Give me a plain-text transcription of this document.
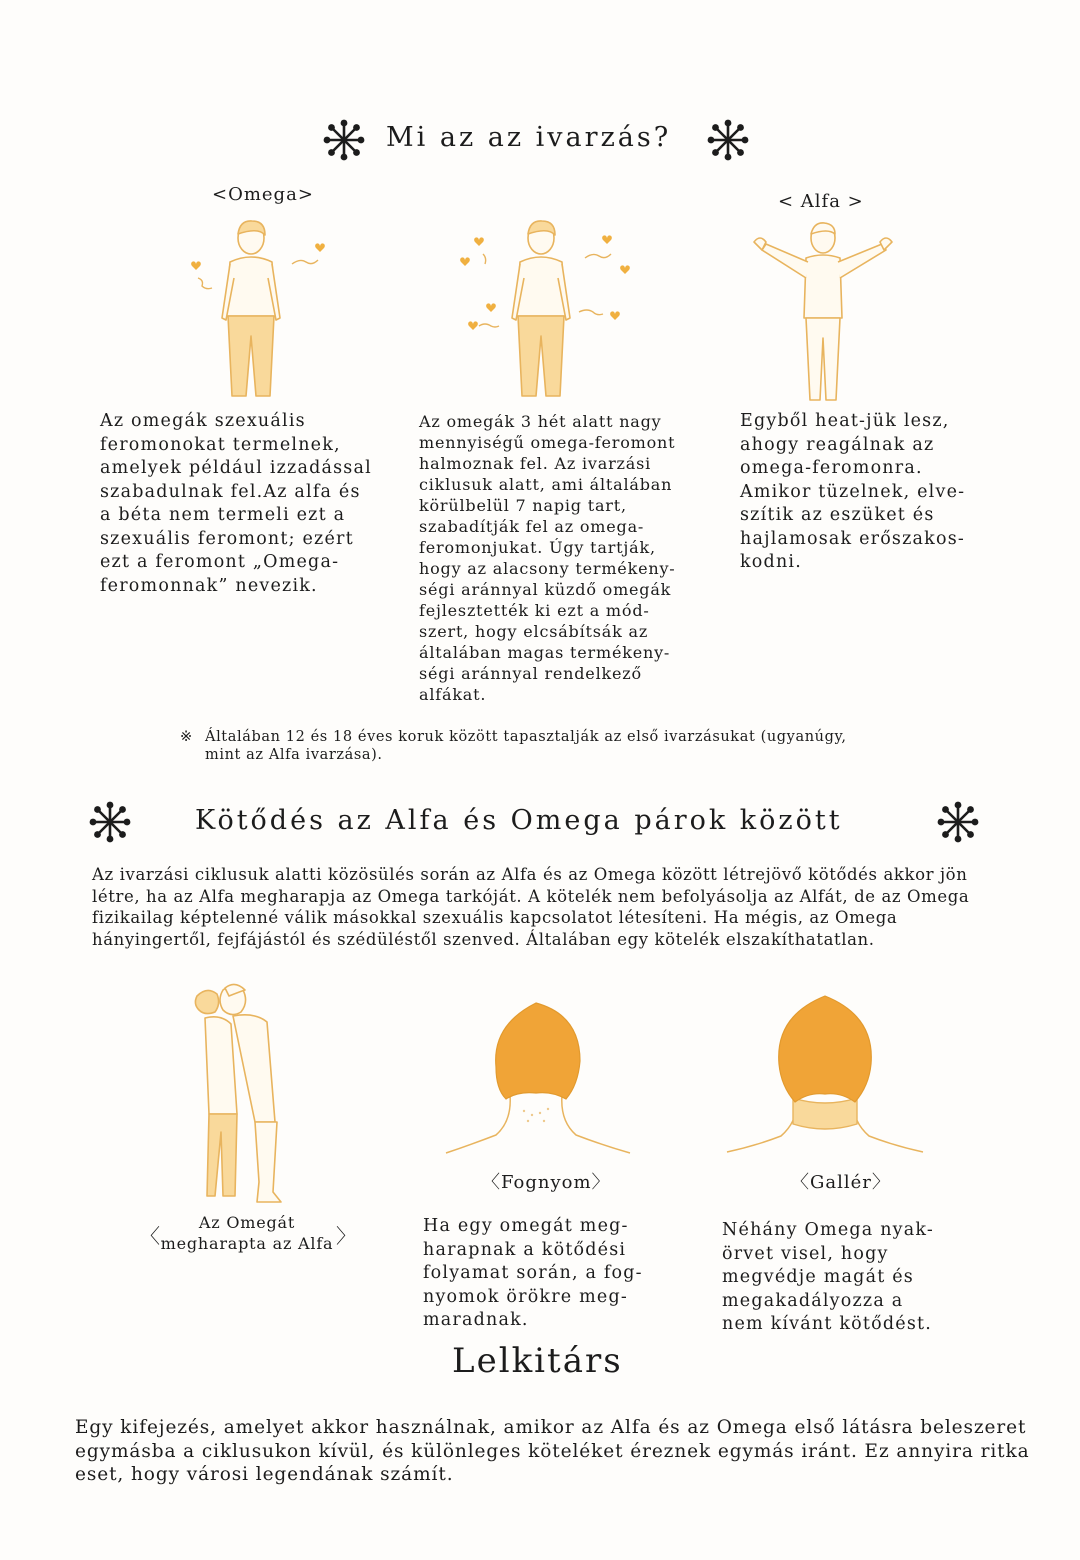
Mi az az ivarzás?
<Omega>	< Alfa >
Az omegák szexuális
feromonokat termelnek,
amelyek például izzadással
szabadulnak fel.Az alfa és
a béta nem termeli ezt a
szexuális feromont; ezért
ezt a feromont „Omega-
feromonnak” nevezik.
Az omegák 3 hét alatt nagy
mennyiségű omega-feromont
halmoznak fel. Az ivarzási
ciklusuk alatt, ami általában
körülbelül 7 napig tart,
szabadítják fel az omega-
feromonjukat. Úgy tartják,
hogy az alacsony termékeny-
ségi aránnyal küzdő omegák
fejlesztették ki ezt a mód-
szert, hogy elcsábítsák az
általában magas termékeny-
ségi aránnyal rendelkező
alfákat.
Egyből heat-jük lesz,
ahogy reagálnak az
omega-feromonra.
Amikor tüzelnek, elve-
szítik az eszüket és
hajlamosak erőszakos-
kodni.
※ Általában 12 és 18 éves koruk között tapasztalják az első ivarzásukat (ugyanúgy,
mint az Alfa ivarzása).
Kötődés az Alfa és Omega párok között
Az ivarzási ciklusuk alatti közösülés során az Alfa és az Omega között létrejövő kötődés akkor jön létre, ha az Alfa megharapja az Omega tarkóját. A kötelék nem befolyásolja az Alfát, de az Omega fizikailag képtelenné válik másokkal szexuális kapcsolatot létesíteni. Ha mégis, az Omega hányingertől, fejfájástól és szédüléstől szenved. Általában egy kötelék elszakíthatatlan.
〈
Az Omegát
megharapta az Alfa 〉
〈Fognyom〉	〈Gallér〉
Ha egy omegát meg-
harapnak a kötődési
folyamat során, a fog-
nyomok örökre meg-
maradnak.
Néhány Omega nyak-
örvet visel, hogy
megvédje magát és
megakadályozza a
nem kívánt kötődést.
Lelkitárs
Egy kifejezés, amelyet akkor használnak, amikor az Alfa és az Omega első látásra beleszeret egymásba a ciklusukon kívül, és különleges köteléket éreznek egymás iránt. Ez annyira ritka eset, hogy városi legendának számít.
